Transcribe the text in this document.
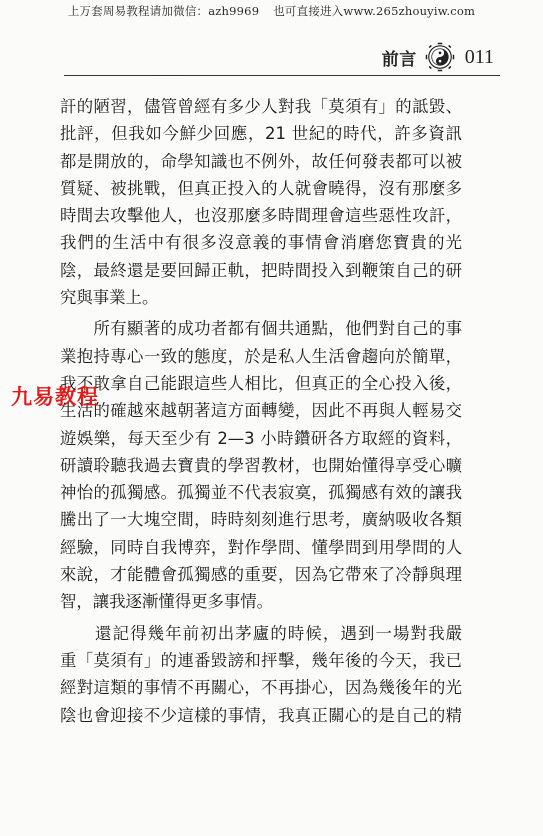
上万套周易教程请加微信：azh9969 也可直接进入www.265zhouyiw.com
· · · ·
前言 011
訐的陋習，儘管曾經有多少人對我「莫須有」的詆毀、
批評，但我如今鮮少回應，21 世紀的時代，許多資訊
都是開放的，命學知識也不例外，故任何發表都可以被
質疑、被挑戰，但真正投入的人就會曉得，沒有那麼多
時間去攻擊他人，也沒那麼多時間理會這些惡性攻訐，
我們的生活中有很多沒意義的事情會消磨您寶貴的光
陰，最終還是要回歸正軌，把時間投入到鞭策自己的研
究與事業上。
　　所有顯著的成功者都有個共通點，他們對自己的事
業抱持專心一致的態度，於是私人生活會趨向於簡單，
我不敢拿自己能跟這些人相比，但真正的全心投入後，
生活的確越來越朝著這方面轉變，因此不再與人輕易交
遊娛樂，每天至少有 2—3 小時鑽研各方取經的資料，
研讀聆聽我過去寶貴的學習教材，也開始懂得享受心曠
神怡的孤獨感。孤獨並不代表寂寞，孤獨感有效的讓我
騰出了一大塊空間，時時刻刻進行思考，廣納吸收各類
經驗，同時自我博弈，對作學問、懂學問到用學問的人
來說，才能體會孤獨感的重要，因為它帶來了冷靜與理
智，讓我逐漸懂得更多事情。
　　還記得幾年前初出茅廬的時候，遇到一場對我嚴
重「莫須有」的連番毀謗和抨擊，幾年後的今天，我已
經對這類的事情不再關心，不再掛心，因為幾後年的光
陰也會迎接不少這樣的事情，我真正關心的是自己的精
九易教程
